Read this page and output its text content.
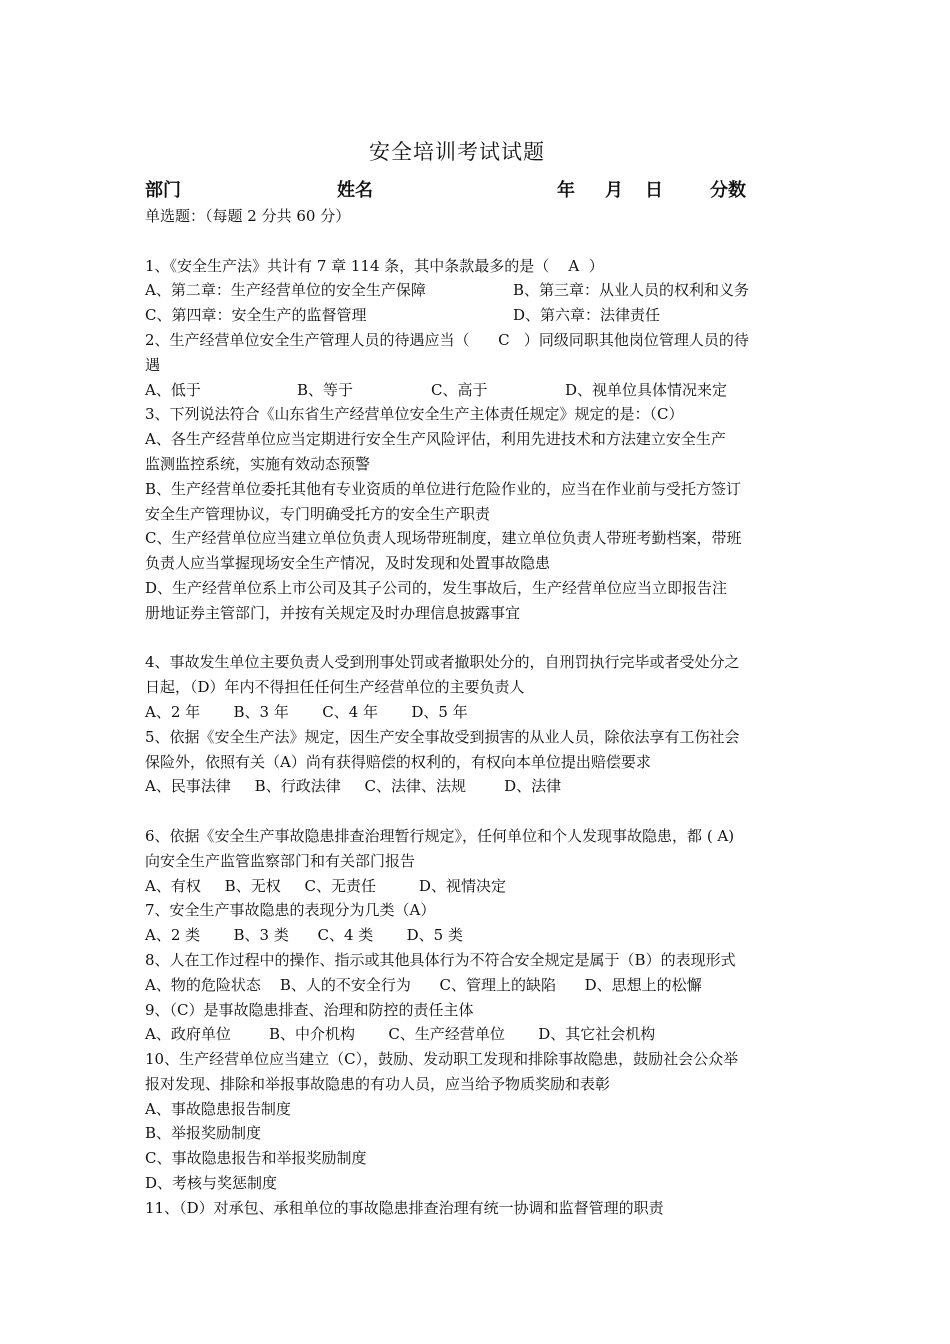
安全培训考试试题
部门	姓名	年 月 日	分数
单选题：（每题 2 分共 60 分）
1、《安全生产法》共计有 7 章 114 条，其中条款最多的是（    A  ）
A、第二章：生产经营单位的安全生产保障	B、第三章：从业人员的权利和义务
C、第四章：安全生产的监督管理	D、第六章：法律责任
2、生产经营单位安全生产管理人员的待遇应当（      C   ）同级同职其他岗位管理人员的待
遇
A、低于	B、等于	C、高于	D、视单位具体情况来定
3、下列说法符合《山东省生产经营单位安全生产主体责任规定》规定的是：（C）
A、各生产经营单位应当定期进行安全生产风险评估，利用先进技术和方法建立安全生产
监测监控系统，实施有效动态预警
B、生产经营单位委托其他有专业资质的单位进行危险作业的，应当在作业前与受托方签订
安全生产管理协议，专门明确受托方的安全生产职责
C、生产经营单位应当建立单位负责人现场带班制度，建立单位负责人带班考勤档案，带班
负责人应当掌握现场安全生产情况，及时发现和处置事故隐患
D、生产经营单位系上市公司及其子公司的，发生事故后，生产经营单位应当立即报告注
册地证券主管部门，并按有关规定及时办理信息披露事宜
4、事故发生单位主要负责人受到刑事处罚或者撤职处分的，自刑罚执行完毕或者受处分之
日起，（D）年内不得担任任何生产经营单位的主要负责人
A、2 年       B、3 年       C、4 年       D、5 年
5、依据《安全生产法》规定，因生产安全事故受到损害的从业人员，除依法享有工伤社会
保险外，依照有关（A）尚有获得赔偿的权利的，有权向本单位提出赔偿要求
A、民事法律     B、行政法律     C、法律、法规        D、法律
6、依据《安全生产事故隐患排查治理暂行规定》，任何单位和个人发现事故隐患，都 ( A)
向安全生产监管监察部门和有关部门报告
A、有权     B、无权     C、无责任         D、视情决定
7、安全生产事故隐患的表现分为几类（A）
A、2 类       B、3 类      C、4 类       D、5 类
8、人在工作过程中的操作、指示或其他具体行为不符合安全规定是属于（B）的表现形式
A、物的危险状态    B、人的不安全行为      C、管理上的缺陷      D、思想上的松懈
9、（C）是事故隐患排查、治理和防控的责任主体
A、政府单位        B、中介机构       C、生产经营单位       D、其它社会机构
10、生产经营单位应当建立（C），鼓励、发动职工发现和排除事故隐患，鼓励社会公众举
报对发现、排除和举报事故隐患的有功人员，应当给予物质奖励和表彰
A、事故隐患报告制度
B、举报奖励制度
C、事故隐患报告和举报奖励制度
D、考核与奖惩制度
11、（D）对承包、承租单位的事故隐患排查治理有统一协调和监督管理的职责
